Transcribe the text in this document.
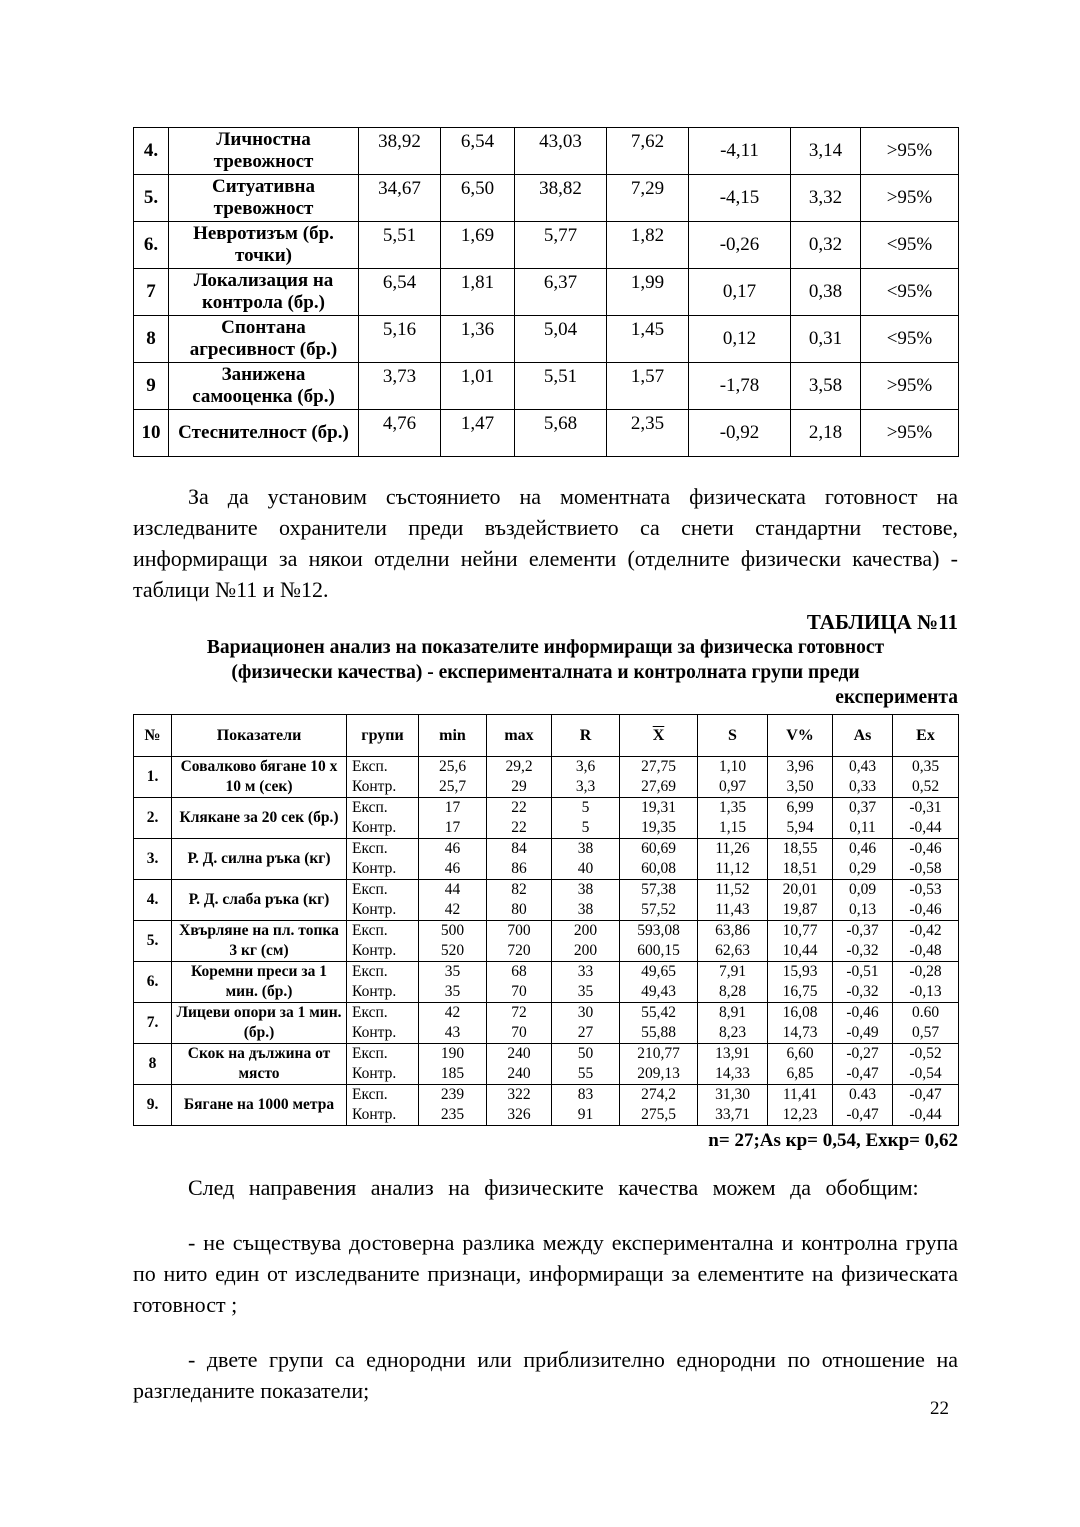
4.	Личностна тревожност	38,92	6,54	43,03	7,62	-4,11	3,14	>95%
5.	Ситуативна тревожност	34,67	6,50	38,82	7,29	-4,15	3,32	>95%
6.	Невротизъм (бр. точки)	5,51	1,69	5,77	1,82	-0,26	0,32	<95%
7	Локализация на контрола (бр.)	6,54	1,81	6,37	1,99	0,17	0,38	<95%
8	Спонтана агресивност (бр.)	5,16	1,36	5,04	1,45	0,12	0,31	<95%
9	Занижена самооценка (бр.)	3,73	1,01	5,51	1,57	-1,78	3,58	>95%
10	Стеснителност (бр.)	4,76	1,47	5,68	2,35	-0,92	2,18	>95%

За да установим състоянието на моментната физическата готовност на изследваните охранители преди въздействието са снети стандартни тестове, информиращи за някои отделни нейни елементи (отделните физически качества) - таблици №11 и №12.

ТАБЛИЦА №11
Вариационен анализ на показателите информиращи за физическа готовност
(физически качества) - експерименталната и контролната групи преди
експеримента
№	Показатели	групи	min	max	R	$\overline{X}$	S	V%	As	Ex
1.	Совалково бягане 10 х 10 м (сек)	Експ.	25,6	29,2	3,6	27,75	1,10	3,96	0,43	0,35
		Контр.	25,7	29	3,3	27,69	0,97	3,50	0,33	0,52
2.	Клякане за 20 сек (бр.)	Експ.	17	22	5	19,31	1,35	6,99	0,37	-0,31
		Контр.	17	22	5	19,35	1,15	5,94	0,11	-0,44
3.	Р. Д. силна ръка (кг)	Експ.	46	84	38	60,69	11,26	18,55	0,46	-0,46
		Контр.	46	86	40	60,08	11,12	18,51	0,29	-0,58
4.	Р. Д. слаба ръка (кг)	Експ.	44	82	38	57,38	11,52	20,01	0,09	-0,53
		Контр.	42	80	38	57,52	11,43	19,87	0,13	-0,46
5.	Хвърляне на пл. топка 3 кг (см)	Експ.	500	700	200	593,08	63,86	10,77	-0,37	-0,42
		Контр.	520	720	200	600,15	62,63	10,44	-0,32	-0,48
6.	Коремни преси за 1 мин. (бр.)	Експ.	35	68	33	49,65	7,91	15,93	-0,51	-0,28
		Контр.	35	70	35	49,43	8,28	16,75	-0,32	-0,13
7.	Лицеви опори за 1 мин. (бр.)	Експ.	42	72	30	55,42	8,91	16,08	-0,46	0.60
		Контр.	43	70	27	55,88	8,23	14,73	-0,49	0,57
8	Скок на дължина от място	Експ.	190	240	50	210,77	13,91	6,60	-0,27	-0,52
		Контр.	185	240	55	209,13	14,33	6,85	-0,47	-0,54
9.	Бягане на 1000 метра	Експ.	239	322	83	274,2	31,30	11,41	0.43	-0,47
		Контр.	235	326	91	275,5	33,71	12,23	-0,47	-0,44
n= 27;As кр= 0,54, Ехкр= 0,62

След направения анализ на физическите качества можем да обобщим:

- не съществува достоверна разлика между експериментална и контролна група по нито един от изследваните признаци, информиращи за елементите на физическата готовност ;

- двете групи са еднородни или приблизително еднородни по отношение на разгледаните показатели;

22
